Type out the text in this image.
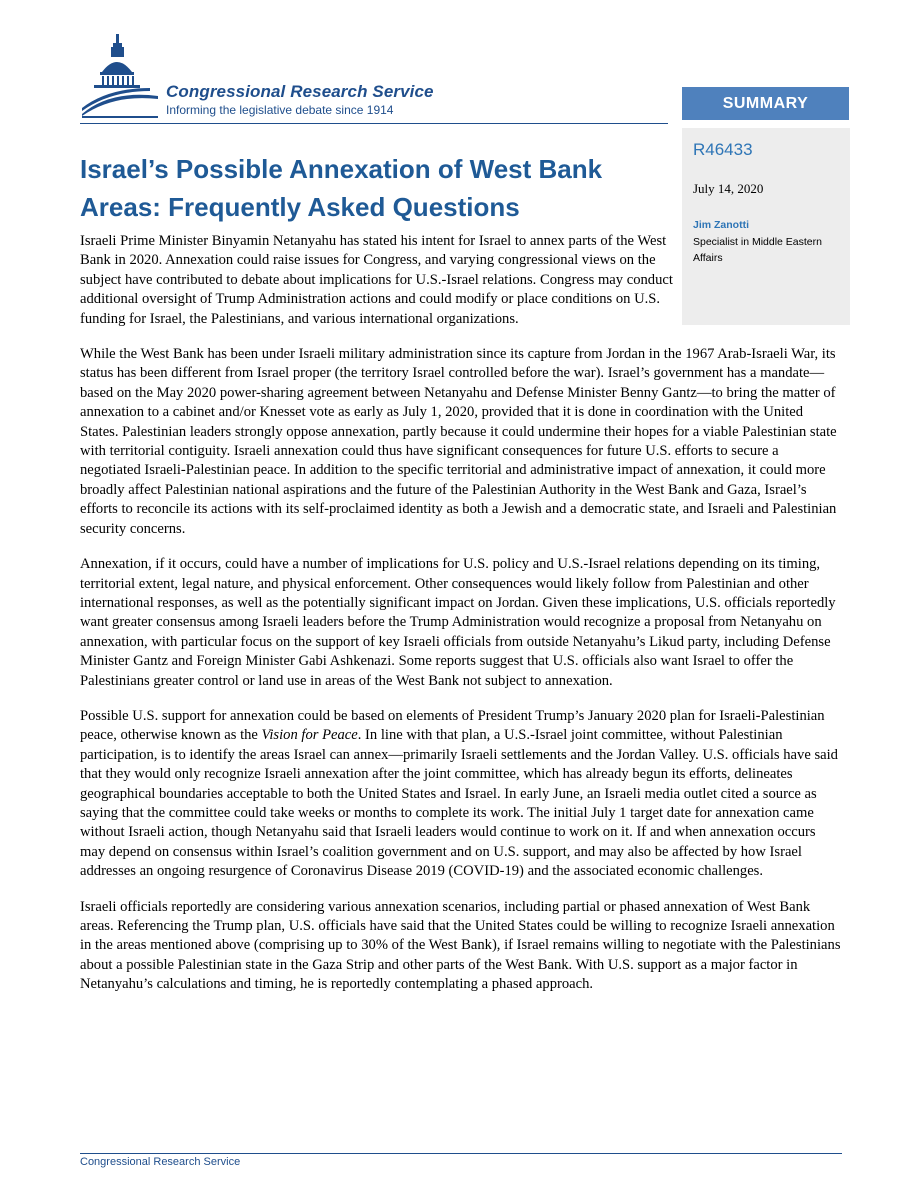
Congressional Research Service
Informing the legislative debate since 1914	SUMMARY
R46433
July 14, 2020
Jim Zanotti
Specialist in Middle Eastern Affairs
Israel’s Possible Annexation of West Bank Areas: Frequently Asked Questions

Israeli Prime Minister Binyamin Netanyahu has stated his intent for Israel to annex parts of the West Bank in 2020. Annexation could raise issues for Congress, and varying congressional views on the subject have contributed to debate about implications for U.S.-Israel relations. Congress may conduct additional oversight of Trump Administration actions and could modify or place conditions on U.S. funding for Israel, the Palestinians, and various international organizations.

While the West Bank has been under Israeli military administration since its capture from Jordan in the 1967 Arab-Israeli War, its status has been different from Israel proper (the territory Israel controlled before the war). Israel’s government has a mandate—based on the May 2020 power-sharing agreement between Netanyahu and Defense Minister Benny Gantz—to bring the matter of annexation to a cabinet and/or Knesset vote as early as July 1, 2020, provided that it is done in coordination with the United States. Palestinian leaders strongly oppose annexation, partly because it could undermine their hopes for a viable Palestinian state with territorial contiguity. Israeli annexation could thus have significant consequences for future U.S. efforts to secure a negotiated Israeli-Palestinian peace. In addition to the specific territorial and administrative impact of annexation, it could more broadly affect Palestinian national aspirations and the future of the Palestinian Authority in the West Bank and Gaza, Israel’s efforts to reconcile its actions with its self-proclaimed identity as both a Jewish and a democratic state, and Israeli and Palestinian security concerns.

Annexation, if it occurs, could have a number of implications for U.S. policy and U.S.-Israel relations depending on its timing, territorial extent, legal nature, and physical enforcement. Other consequences would likely follow from Palestinian and other international responses, as well as the potentially significant impact on Jordan. Given these implications, U.S. officials reportedly want greater consensus among Israeli leaders before the Trump Administration would recognize a proposal from Netanyahu on annexation, with particular focus on the support of key Israeli officials from outside Netanyahu’s Likud party, including Defense Minister Gantz and Foreign Minister Gabi Ashkenazi. Some reports suggest that U.S. officials also want Israel to offer the Palestinians greater control or land use in areas of the West Bank not subject to annexation.

Possible U.S. support for annexation could be based on elements of President Trump’s January 2020 plan for Israeli-Palestinian peace, otherwise known as the Vision for Peace. In line with that plan, a U.S.-Israel joint committee, without Palestinian participation, is to identify the areas Israel can annex—primarily Israeli settlements and the Jordan Valley. U.S. officials have said that they would only recognize Israeli annexation after the joint committee, which has already begun its efforts, delineates geographical boundaries acceptable to both the United States and Israel. In early June, an Israeli media outlet cited a source as saying that the committee could take weeks or months to complete its work. The initial July 1 target date for annexation came without Israeli action, though Netanyahu said that Israeli leaders would continue to work on it. If and when annexation occurs may depend on consensus within Israel’s coalition government and on U.S. support, and may also be affected by how Israel addresses an ongoing resurgence of Coronavirus Disease 2019 (COVID-19) and the associated economic challenges.

Israeli officials reportedly are considering various annexation scenarios, including partial or phased annexation of West Bank areas. Referencing the Trump plan, U.S. officials have said that the United States could be willing to recognize Israeli annexation in the areas mentioned above (comprising up to 30% of the West Bank), if Israel remains willing to negotiate with the Palestinians about a possible Palestinian state in the Gaza Strip and other parts of the West Bank. With U.S. support as a major factor in Netanyahu’s calculations and timing, he is reportedly contemplating a phased approach.

Congressional Research Service
